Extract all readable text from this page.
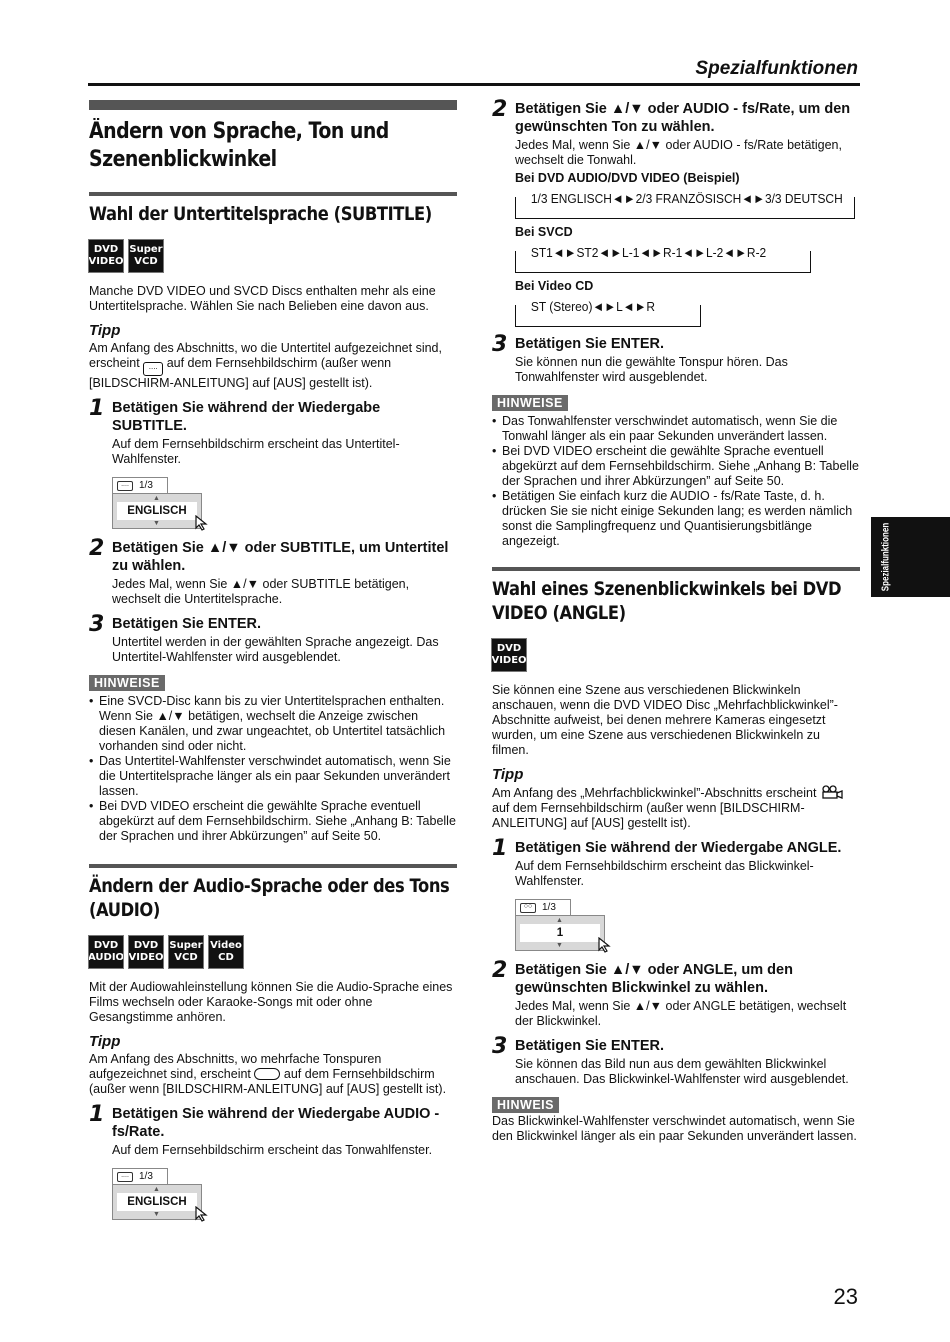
Spezialfunktionen
Ändern von Sprache, Ton und Szenenblickwinkel
Wahl der Untertitelsprache (SUBTITLE)
DVD
VIDEO
Super
VCD

Manche DVD VIDEO und SVCD Discs enthalten mehr als eine Untertitelsprache. Wählen Sie nach Belieben eine davon aus.

Tipp

Am Anfang des Abschnitts, wo die Untertitel aufgezeichnet sind,
erscheint .... auf dem Fernsehbildschirm (außer wenn [BILDSCHIRM-ANLEITUNG] auf [AUS] gestellt ist).

1 Betätigen Sie während der Wiedergabe SUBTITLE.
Auf dem Fernsehbildschirm erscheint das Untertitel-Wahlfenster.
....	1/3
▲
ENGLISCH
▼
2 Betätigen Sie ▲/▼ oder SUBTITLE, um Untertitel zu wählen.
Jedes Mal, wenn Sie ▲/▼ oder SUBTITLE betätigen, wechselt die Untertitelsprache.
3 Betätigen Sie ENTER.
Untertitel werden in der gewählten Sprache angezeigt. Das Untertitel-Wahlfenster wird ausgeblendet.
HINWEISE
• Eine SVCD-Disc kann bis zu vier Untertitelsprachen enthalten. Wenn Sie ▲/▼ betätigen, wechselt die Anzeige zwischen diesen Kanälen, und zwar ungeachtet, ob Untertitel tatsächlich vorhanden sind oder nicht.
• Das Untertitel-Wahlfenster verschwindet automatisch, wenn Sie die Untertitelsprache länger als ein paar Sekunden unverändert lassen.
• Bei DVD VIDEO erscheint die gewählte Sprache eventuell abgekürzt auf dem Fernsehbildschirm. Siehe „Anhang B: Tabelle der Sprachen und ihrer Abkürzungen” auf Seite 50.
Ändern der Audio-Sprache oder des Tons (AUDIO)
DVD
AUDIO
DVD
VIDEO
Super
VCD
Video
CD

Mit der Audiowahleinstellung können Sie die Audio-Sprache eines Films wechseln oder Karaoke-Songs mit oder ohne Gesangstimme anhören.

Tipp

Am Anfang des Abschnitts, wo mehrfache Tonspuren
aufgezeichnet sind, erscheint	auf dem Fernsehbildschirm (außer wenn [BILDSCHIRM-ANLEITUNG] auf [AUS] gestellt ist).

1 Betätigen Sie während der Wiedergabe AUDIO - fs/Rate.
Auf dem Fernsehbildschirm erscheint das Tonwahlfenster.
....	1/3
▲
ENGLISCH
▼
2 Betätigen Sie ▲/▼ oder AUDIO - fs/Rate, um den gewünschten Ton zu wählen.
Jedes Mal, wenn Sie ▲/▼ oder AUDIO - fs/Rate betätigen, wechselt die Tonwahl.
Bei DVD AUDIO/DVD VIDEO (Beispiel)
1/3 ENGLISCH◄►2/3 FRANZÖSISCH◄►3/3 DEUTSCH
Bei SVCD
ST1◄►ST2◄►L-1◄►R-1◄►L-2◄►R-2
Bei Video CD
ST (Stereo)◄►L◄►R
3 Betätigen Sie ENTER.
Sie können nun die gewählte Tonspur hören. Das Tonwahlfenster wird ausgeblendet.
HINWEISE
• Das Tonwahlfenster verschwindet automatisch, wenn Sie die Tonwahl länger als ein paar Sekunden unverändert lassen.
• Bei DVD VIDEO erscheint die gewählte Sprache eventuell abgekürzt auf dem Fernsehbildschirm. Siehe „Anhang B: Tabelle der Sprachen und ihrer Abkürzungen” auf Seite 50.
• Betätigen Sie einfach kurz die AUDIO - fs/Rate Taste, d. h. drücken Sie sie nicht einige Sekunden lang; es werden nämlich sonst die Samplingfrequenz und Quantisierungsbitlänge angezeigt.
Wahl eines Szenenblickwinkels bei DVD VIDEO (ANGLE)
DVD
VIDEO

Sie können eine Szene aus verschiedenen Blickwinkeln anschauen, wenn die DVD VIDEO Disc „Mehrfachblickwinkel”-Abschnitte aufweist, bei denen mehrere Kameras eingesetzt wurden, um eine Szene aus verschiedenen Blickwinkeln zu filmen.

Tipp

Am Anfang des „Mehrfachblickwinkel”-Abschnitts erscheint
auf dem Fernsehbildschirm (außer wenn [BILDSCHIRM-ANLEITUNG] auf [AUS] gestellt ist).

1 Betätigen Sie während der Wiedergabe ANGLE.
Auf dem Fernsehbildschirm erscheint das Blickwinkel-Wahlfenster.
○○ 1/3
▲
1
▼
2 Betätigen Sie ▲/▼ oder ANGLE, um den gewünschten Blickwinkel zu wählen.
Jedes Mal, wenn Sie ▲/▼ oder ANGLE betätigen, wechselt der Blickwinkel.
3 Betätigen Sie ENTER.
Sie können das Bild nun aus dem gewählten Blickwinkel anschauen. Das Blickwinkel-Wahlfenster wird ausgeblendet.
HINWEIS

Das Blickwinkel-Wahlfenster verschwindet automatisch, wenn Sie den Blickwinkel länger als ein paar Sekunden unverändert lassen.

Spezialfunktionen
23
